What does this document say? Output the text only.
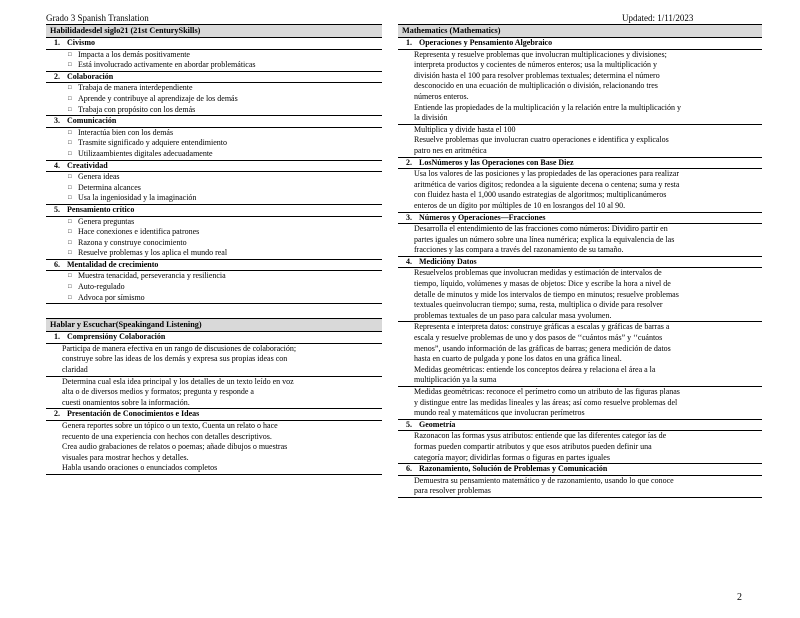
Grado 3 Spanish Translation	Updated: 1/11/2023
Habilidadesdel siglo21 (21st CenturySkills)
1. Civismo
□ Impacta a los demás positivamente
□ Está involucrado activamente en abordar problemáticas
2. Colaboración
□ Trabaja de manera interdependiente
□ Aprende y contribuye al aprendizaje de los demás
□ Trabaja con propósito con los demás
3. Comunicación
□ Interactúa bien con los demás
□ Trasmite significado y adquiere entendimiento
□ Utilizaambientes digitales adecuadamente
4. Creatividad
□ Genera ideas
□ Determina alcances
□ Usa la ingeniosidad y la imaginación
5. Pensamiento crítico
□ Genera preguntas
□ Hace conexiones e identifica patrones
□ Razona y construye conocimiento
□ Resuelve problemas y los aplica el mundo real
6. Mentalidad de crecimiento
□ Muestra tenacidad, perseverancia y resiliencia
□ Auto-regulado
□ Advoca por símismo
Hablar y Escuchar(Speakingand Listening)
1. Comprensióny Colaboración

Participa de manera efectiva en un rango de discusiones de colaboración;

construye sobre las ideas de los demás y expresa sus propias ideas con

claridad

Determina cual esla idea principal y los detalles de un texto leído en voz

alta o de diversos medios y formatos; pregunta y responde a

cuesti onamientos sobre la información.

2. Presentación de Conocimientos e Ideas

Genera reportes sobre un tópico o un texto, Cuenta un relato o hace

recuento de una experiencia con hechos con detalles descriptivos.

Crea audio grabaciones de relatos o poemas; añade dibujos o muestras

visuales para mostrar hechos y detalles.

Habla usando oraciones o enunciados completos

Mathematics (Mathematics)
1. Operaciones y Pensamiento Algebraico

Representa y resuelve problemas que involucran multiplicaciones y divisiones;

interpreta productos y cocientes de números enteros; usa la multiplicación y

división hasta el 100 para resolver problemas textuales; determina el número

desconocido en una ecuación de multiplicación o división, relacionando tres

números enteros.

Entiende las propiedades de la multiplicación y la relación entre la multiplicación y

la división

Multiplica y divide hasta el 100

Resuelve problemas que involucran cuatro operaciones e identifica y explicalos

patro nes en aritmética

2. LosNúmeros y las Operaciones con Base Diez

Usa los valores de las posiciones y las propiedades de las operaciones para realizar

aritmética de varios dígitos; redondea a la siguiente decena o centena; suma y resta

con fluidez hasta el 1,000 usando estrategias de algoritmos; multiplicanúmeros

enteros de un dígito por múltiples de 10 en losrangos del 10 al 90.

3. Números y Operaciones—Fracciones

Desarrolla el entendimiento de las fracciones como números: Dividiro partir en

partes iguales un número sobre una línea numérica; explica la equivalencia de las

fracciones y las compara a través del razonamiento de su tamaño.

4. Medicióny Datos

Resuelvelos problemas que involucran medidas y estimación de intervalos de

tiempo, líquido, volúmenes y masas de objetos: Dice y escribe la hora a nivel de

detalle de minutos y mide los intervalos de tiempo en minutos; resuelve problemas

textuales queinvolucran tiempo; suma, resta, multiplica o divide para resolver

problemas textuales de un paso para calcular masa yvolumen.

Representa e interpreta datos: construye gráficas a escalas y gráficas de barras a

escala y resuelve problemas de uno y dos pasos de ‘‘cuántos más” y ‘‘cuántos

menos”, usando información de las gráficas de barras; genera medición de datos

hasta en cuarto de pulgada y pone los datos en una gráfica lineal.

Medidas geométricas: entiende los conceptos deárea y relaciona el área a la

multiplicación ya la suma

Medidas geométricas: reconoce el perímetro como un atributo de las figuras planas

y distingue entre las medidas lineales y las áreas; así como resuelve problemas del

mundo real y matemáticos que involucran perímetros

5. Geometría

Razonacon las formas ysus atributos: entiende que las diferentes categor ías de

formas pueden compartir atributos y que esos atributos pueden definir una

categoría mayor; dividirlas formas o figuras en partes iguales

6. Razonamiento, Solución de Problemas y Comunicación

Demuestra su pensamiento matemático y de razonamiento, usando lo que conoce

para resolver problemas

2
